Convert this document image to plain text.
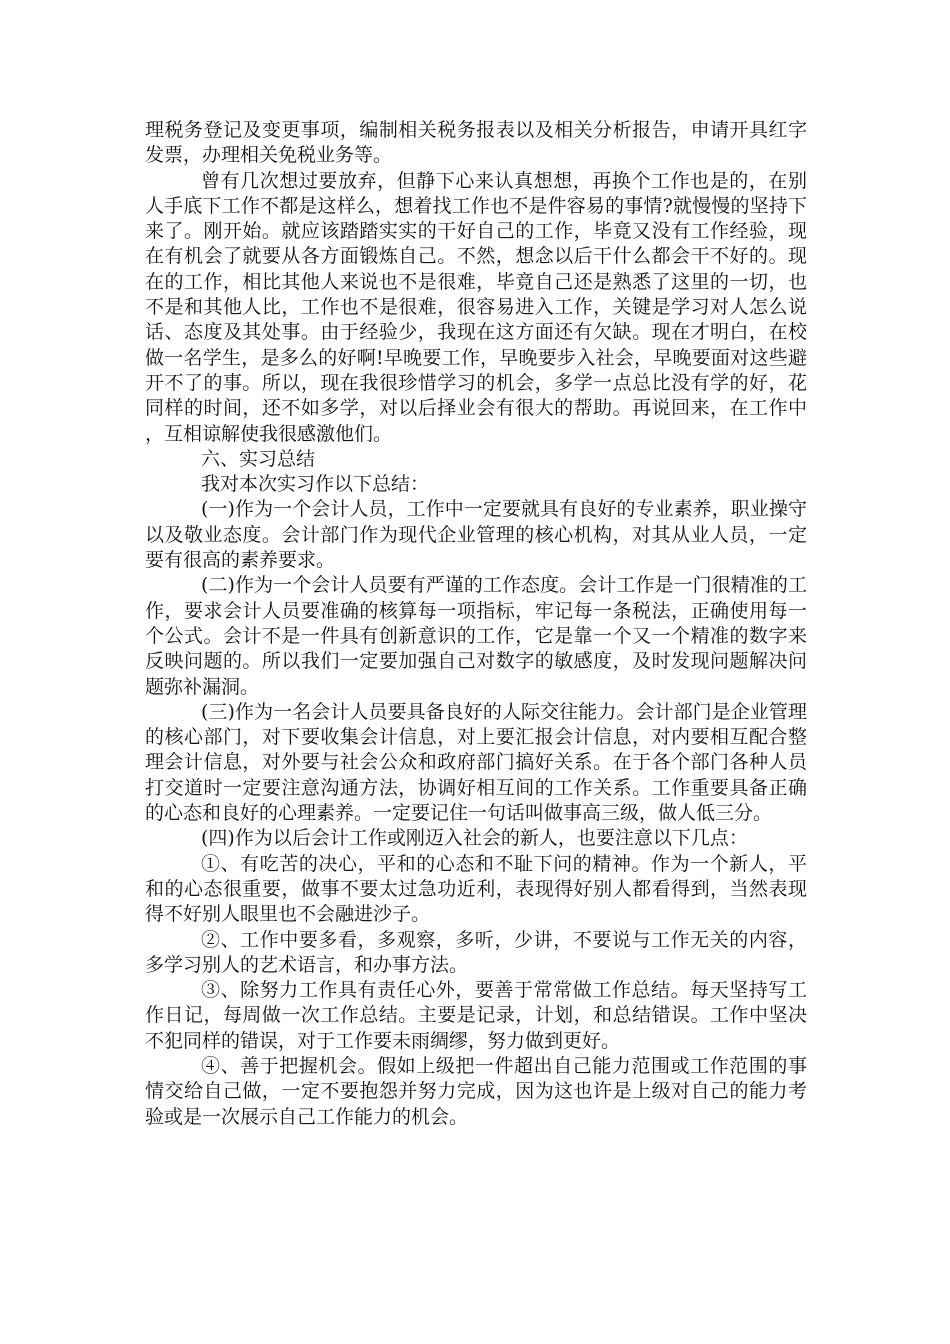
理税务登记及变更事项，编制相关税务报表以及相关分析报告，申请开具红字发票，办理相关免税业务等。

曾有几次想过要放弃，但静下心来认真想想，再换个工作也是的，在别人手底下工作不都是这样么，想着找工作也不是件容易的事情?就慢慢的坚持下来了。刚开始。就应该踏踏实实的干好自己的工作，毕竟又没有工作经验，现在有机会了就要从各方面锻炼自己。不然，想念以后干什么都会干不好的。现在的工作，相比其他人来说也不是很难，毕竟自己还是熟悉了这里的一切，也不是和其他人比，工作也不是很难，很容易进入工作，关键是学习对人怎么说话、态度及其处事。由于经验少，我现在这方面还有欠缺。现在才明白，在校做一名学生，是多么的好啊!早晚要工作，早晚要步入社会，早晚要面对这些避开不了的事。所以，现在我很珍惜学习的机会，多学一点总比没有学的好，花同样的时间，还不如多学，对以后择业会有很大的帮助。再说回来，在工作中，互相谅解使我很感激他们。

六、实习总结

我对本次实习作以下总结：

(一)作为一个会计人员，工作中一定要就具有良好的专业素养，职业操守以及敬业态度。会计部门作为现代企业管理的核心机构，对其从业人员，一定要有很高的素养要求。

(二)作为一个会计人员要有严谨的工作态度。会计工作是一门很精准的工作，要求会计人员要准确的核算每一项指标，牢记每一条税法，正确使用每一个公式。会计不是一件具有创新意识的工作，它是靠一个又一个精准的数字来反映问题的。所以我们一定要加强自己对数字的敏感度，及时发现问题解决问题弥补漏洞。

(三)作为一名会计人员要具备良好的人际交往能力。会计部门是企业管理的核心部门，对下要收集会计信息，对上要汇报会计信息，对内要相互配合整理会计信息，对外要与社会公众和政府部门搞好关系。在于各个部门各种人员打交道时一定要注意沟通方法，协调好相互间的工作关系。工作重要具备正确的心态和良好的心理素养。一定要记住一句话叫做事高三级，做人低三分。

(四)作为以后会计工作或刚迈入社会的新人，也要注意以下几点：

①、有吃苦的决心，平和的心态和不耻下问的精神。作为一个新人，平和的心态很重要，做事不要太过急功近利，表现得好别人都看得到，当然表现得不好别人眼里也不会融进沙子。

②、工作中要多看，多观察，多听，少讲，不要说与工作无关的内容，多学习别人的艺术语言，和办事方法。

③、除努力工作具有责任心外，要善于常常做工作总结。每天坚持写工作日记，每周做一次工作总结。主要是记录，计划，和总结错误。工作中坚决不犯同样的错误，对于工作要未雨绸缪，努力做到更好。

④、善于把握机会。假如上级把一件超出自己能力范围或工作范围的事情交给自己做，一定不要抱怨并努力完成，因为这也许是上级对自己的能力考验或是一次展示自己工作能力的机会。
